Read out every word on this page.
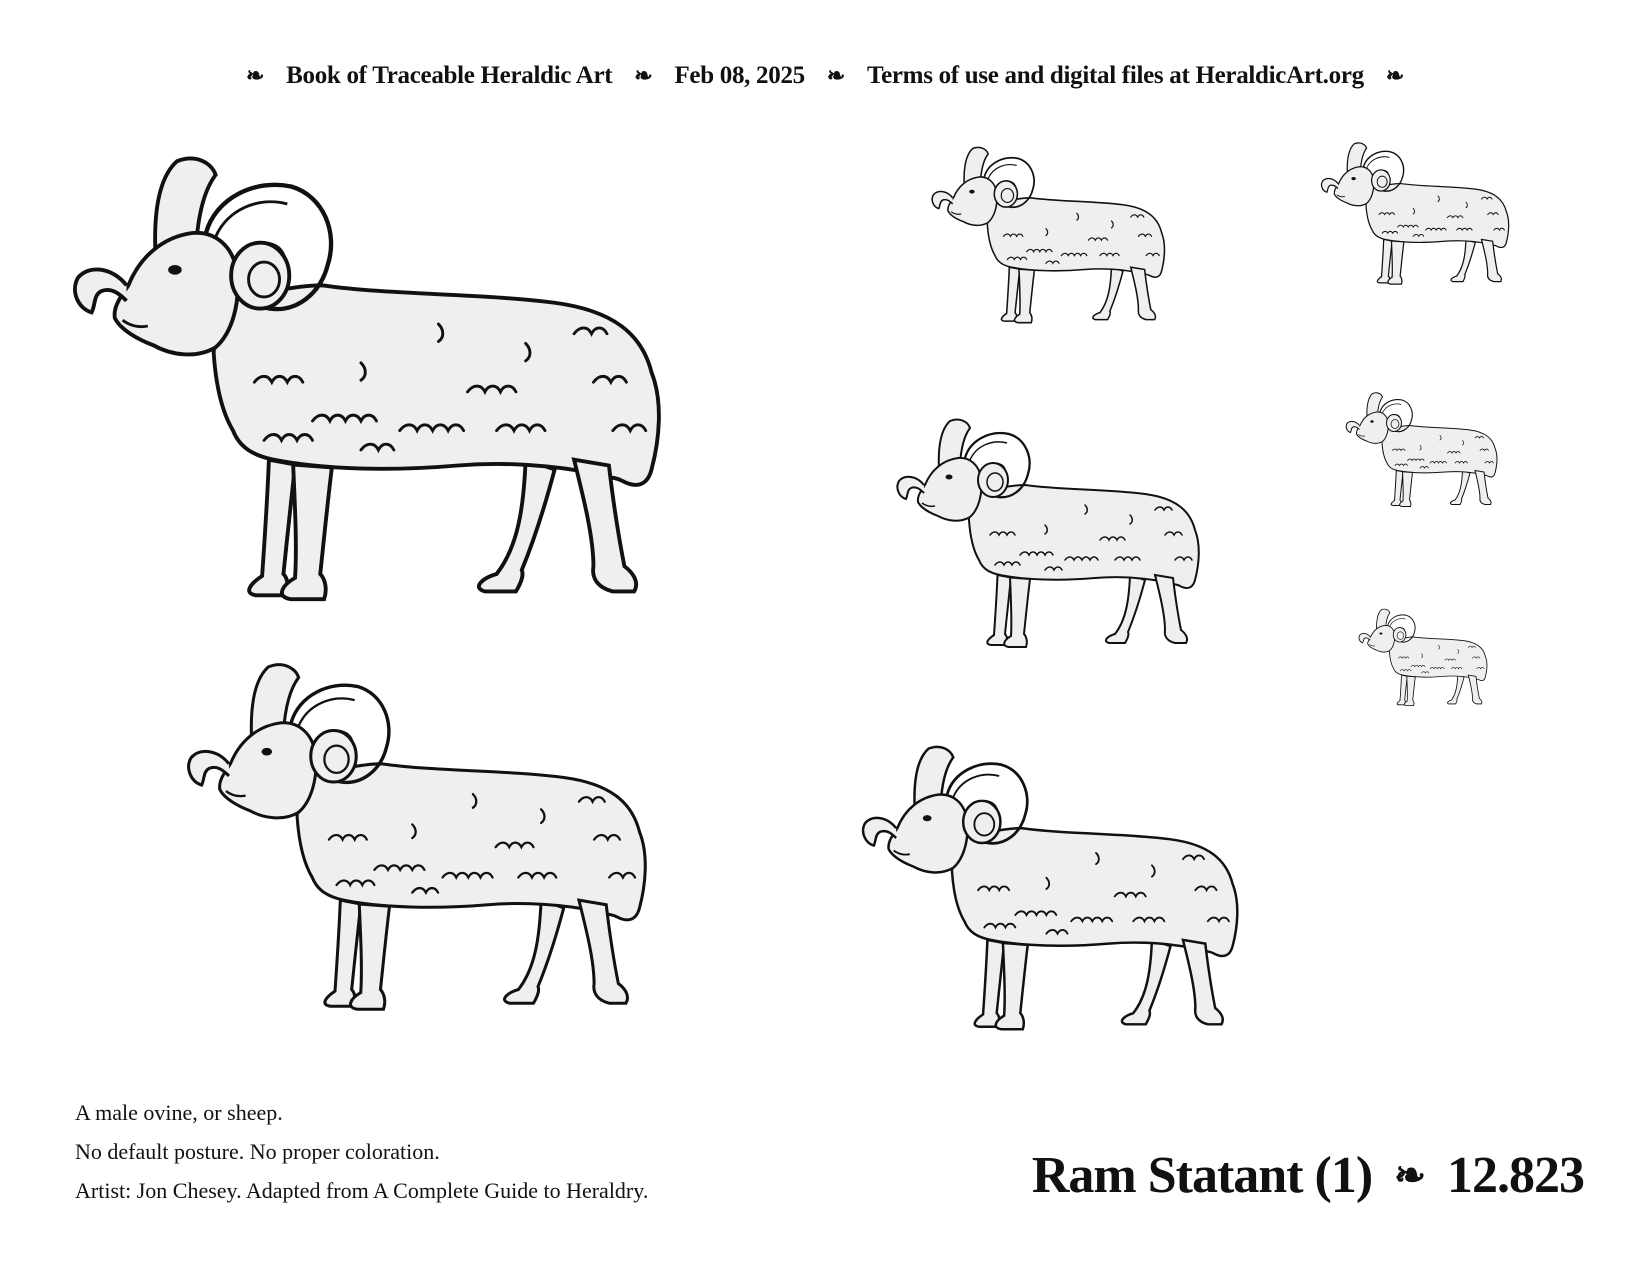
❧ Book of Traceable Heraldic Art ❧ Feb 08, 2025 ❧ Terms of use and digital files at HeraldicArt.org ❧
A male ovine, or sheep.
No default posture. No proper coloration.
Artist: Jon Chesey. Adapted from A Complete Guide to Heraldry.	Ram Statant (1) ❧ 12.823
